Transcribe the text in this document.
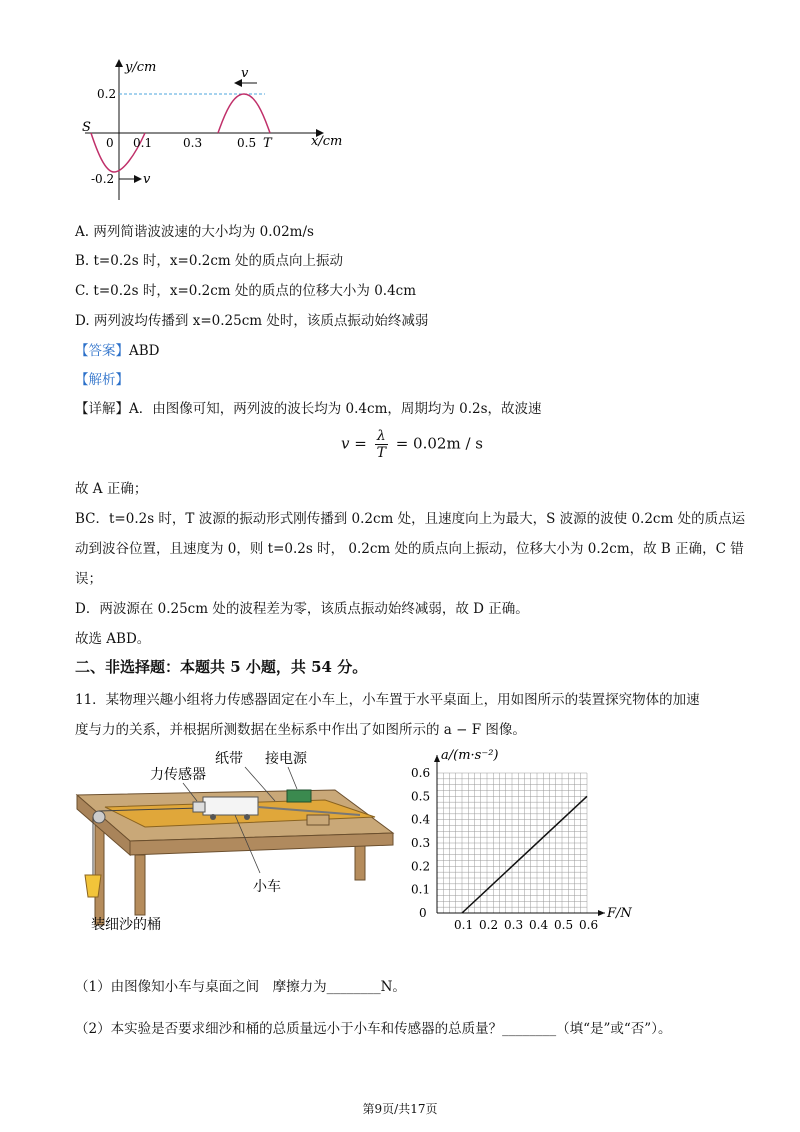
y/cm
x/cm
0.2
-0.2
0 0.1	0.3	0.5
S
T
v
v
A. 两列简谐波波速的大小均为 0.02m/s
B. t=0.2s 时，x=0.2cm 处的质点向上振动
C. t=0.2s 时，x=0.2cm 处的质点的位移大小为 0.4cm
D. 两列波均传播到 x=0.25cm 处时，该质点振动始终减弱
【答案】ABD
【解析】
【详解】A．由图像可知，两列波的波长均为 0.4cm，周期均为 0.2s，故波速
$v = \frac{\lambda}{T} = 0.02m / s$
故 A 正确；
BC．t=0.2s 时，T 波源的振动形式刚传播到 0.2cm 处，且速度向上为最大，S 波源的波使 0.2cm 处的质点运
动到波谷位置，且速度为 0，则 t=0.2s 时， 0.2cm 处的质点向上振动，位移大小为 0.2cm，故 B 正确，C 错
误；
D．两波源在 0.25cm 处的波程差为零，该质点振动始终减弱，故 D 正确。
故选 ABD。
二、非选择题：本题共 5 小题，共 54 分。
11．某物理兴趣小组将力传感器固定在小车上，小车置于水平桌面上，用如图所示的装置探究物体的加速
度与力的关系，并根据所测数据在坐标系中作出了如图所示的 a − F 图像。
力传感器
纸带 接电源
小车
装细沙的桶	0.1 0.2 0.3 0.4 0.5 0.6
0.1
0.2
0.3
0.4
0.5
0.6
0
a/(m·s⁻²)
F/N
（1）由图像知小车与桌面之间　摩擦力为________N。
（2）本实验是否要求细沙和桶的总质量远小于小车和传感器的总质量？________（填“是”或“否”）。
第9页/共17页
